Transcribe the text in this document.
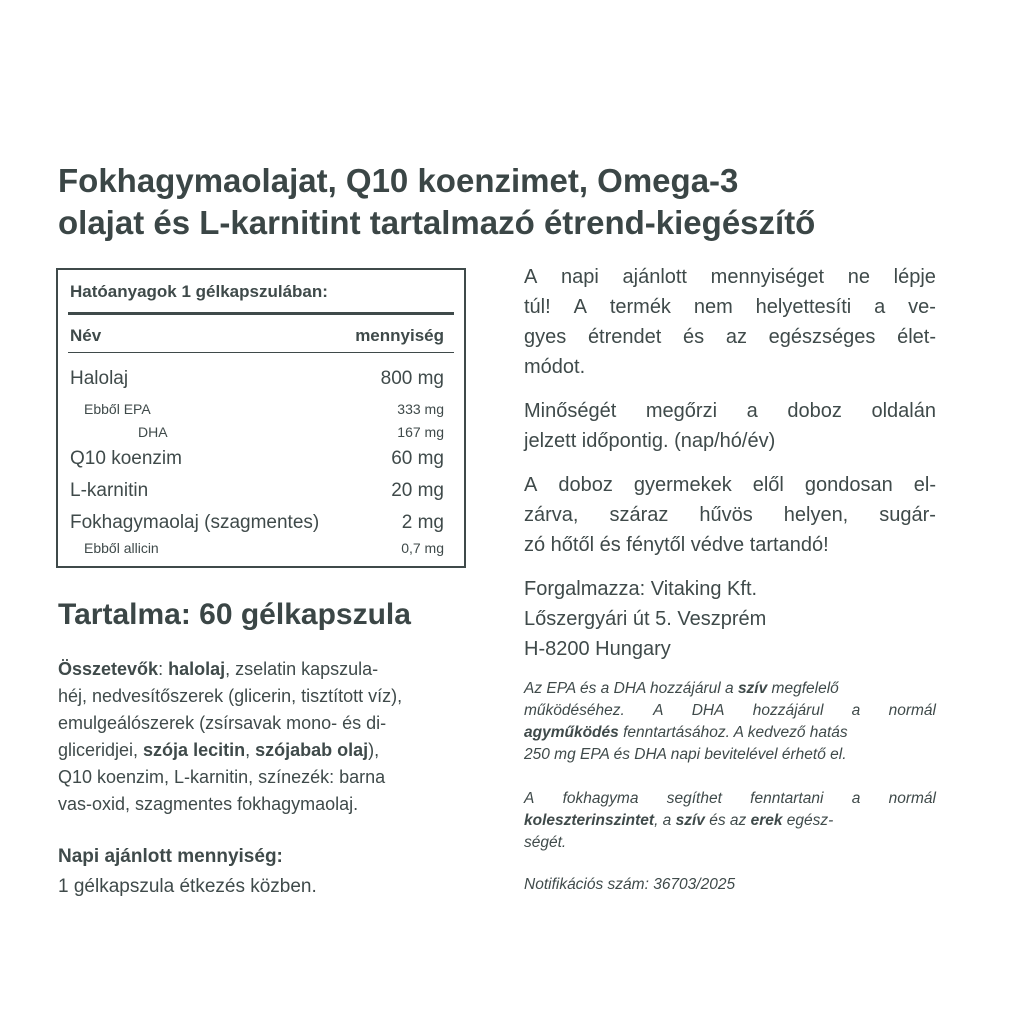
Fokhagymaolajat, Q10 koenzimet, Omega-3
olajat és L-karnitint tartalmazó étrend-kiegészítő
Hatóanyagok 1 gélkapszulában:
Név	mennyiség
Halolaj	800 mg
Ebből EPA	333 mg
DHA	167 mg
Q10 koenzim	60 mg
L-karnitin	20 mg
Fokhagymaolaj (szagmentes)	2 mg
Ebből allicin	0,7 mg
Tartalma: 60 gélkapszula
Összetevők: halolaj, zselatin kapszula-
héj, nedvesítőszerek (glicerin, tisztított víz),
emulgeálószerek (zsírsavak mono- és di-
gliceridjei, szója lecitin, szójabab olaj),
Q10 koenzim, L-karnitin, színezék: barna
vas-oxid, szagmentes fokhagymaolaj.
Napi ajánlott mennyiség:
1 gélkapszula étkezés közben.
A napi ajánlott mennyiséget ne lépje
túl! A termék nem helyettesíti a ve-
gyes étrendet és az egészséges élet-
módot.
Minőségét megőrzi a doboz oldalán
jelzett időpontig. (nap/hó/év)
A doboz gyermekek elől gondosan el-
zárva, száraz hűvös helyen, sugár-
zó hőtől és fénytől védve tartandó!
Forgalmazza: Vitaking Kft.
Lőszergyári út 5. Veszprém
H-8200 Hungary
Az EPA és a DHA hozzájárul a szív megfelelő
működéséhez. A DHA hozzájárul a normál
agyműködés fenntartásához. A kedvező hatás
250 mg EPA és DHA napi bevitelével érhető el.
A fokhagyma segíthet fenntartani a normál
koleszterinszintet, a szív és az erek egész-
ségét.
Notifikációs szám: 36703/2025
